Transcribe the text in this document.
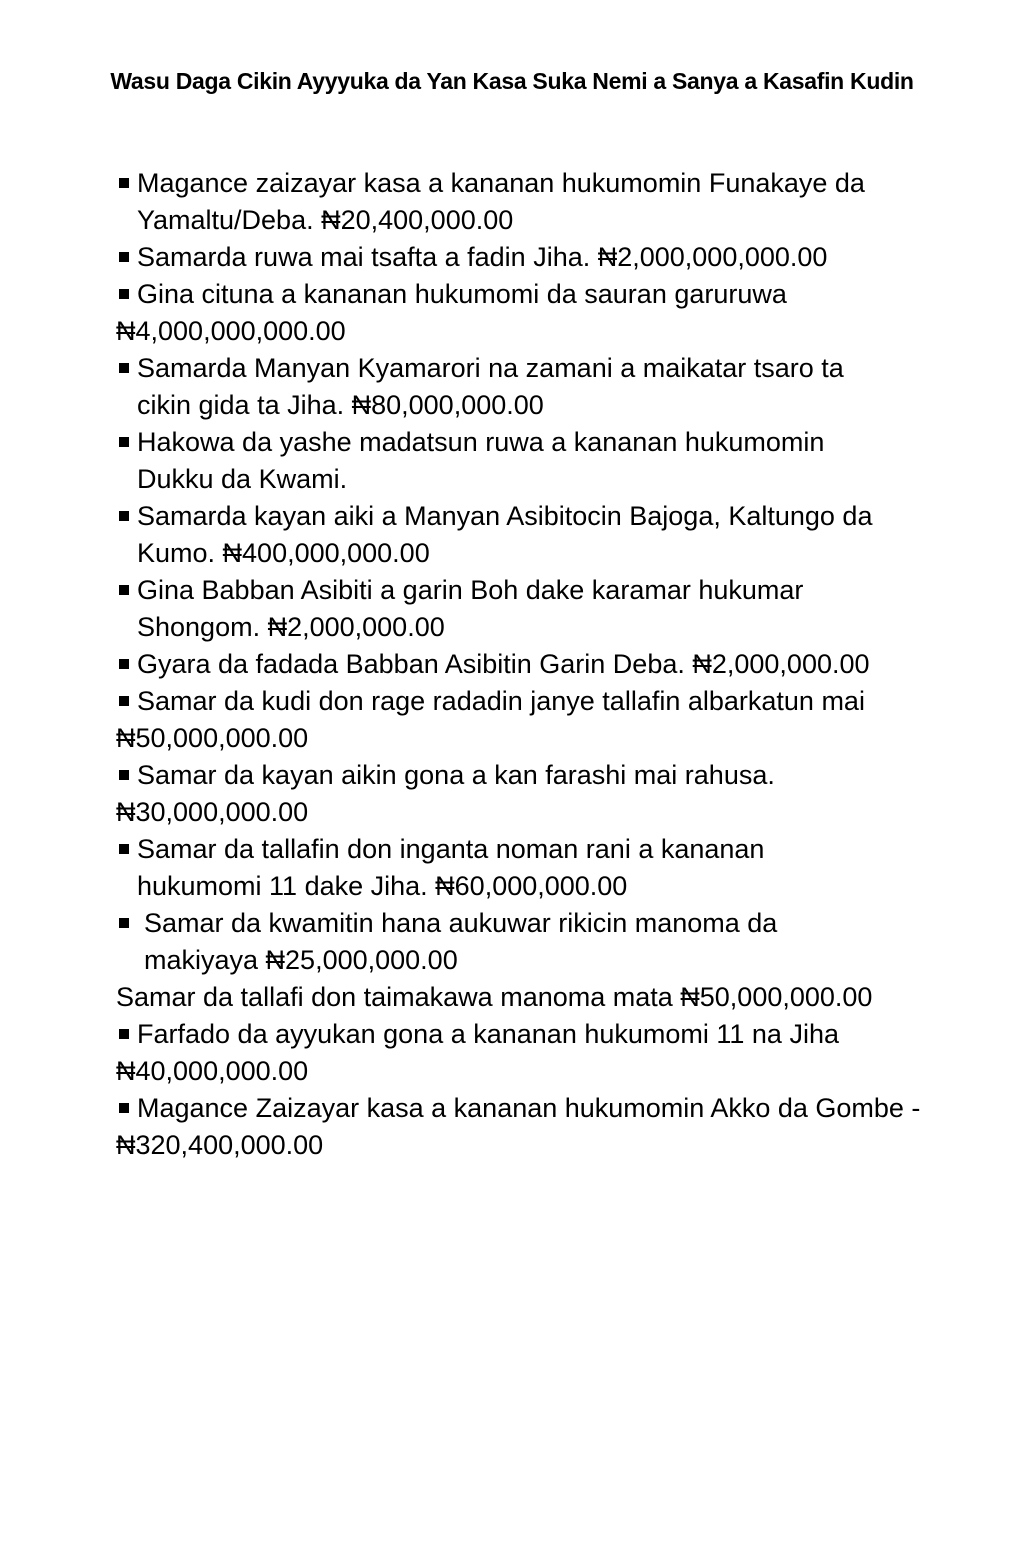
Wasu Daga Cikin Ayyyuka da Yan Kasa Suka Nemi a Sanya a Kasafin Kudin
Magance zaizayar kasa a kananan hukumomin Funakaye da
Yamaltu/Deba. ₦20,400,000.00
Samarda ruwa mai tsafta a fadin Jiha. ₦2,000,000,000.00
Gina cituna a kananan hukumomi da sauran garuruwa
₦4,000,000,000.00
Samarda Manyan Kyamarori na zamani a maikatar tsaro ta
cikin gida ta Jiha. ₦80,000,000.00
Hakowa da yashe madatsun ruwa a kananan hukumomin
Dukku da Kwami.
Samarda kayan aiki a Manyan Asibitocin Bajoga, Kaltungo da
Kumo. ₦400,000,000.00
Gina Babban Asibiti a garin Boh dake karamar hukumar
Shongom. ₦2,000,000.00
Gyara da fadada Babban Asibitin Garin Deba. ₦2,000,000.00
Samar da kudi don rage radadin janye tallafin albarkatun mai
₦50,000,000.00
Samar da kayan aikin gona a kan farashi mai rahusa.
₦30,000,000.00
Samar da tallafin don inganta noman rani a kananan
hukumomi 11 dake Jiha. ₦60,000,000.00
Samar da kwamitin hana aukuwar rikicin manoma da
makiyaya ₦25,000,000.00
Samar da tallafi don taimakawa manoma mata ₦50,000,000.00
Farfado da ayyukan gona a kananan hukumomi 11 na Jiha
₦40,000,000.00
Magance Zaizayar kasa a kananan hukumomin Akko da Gombe -
₦320,400,000.00
